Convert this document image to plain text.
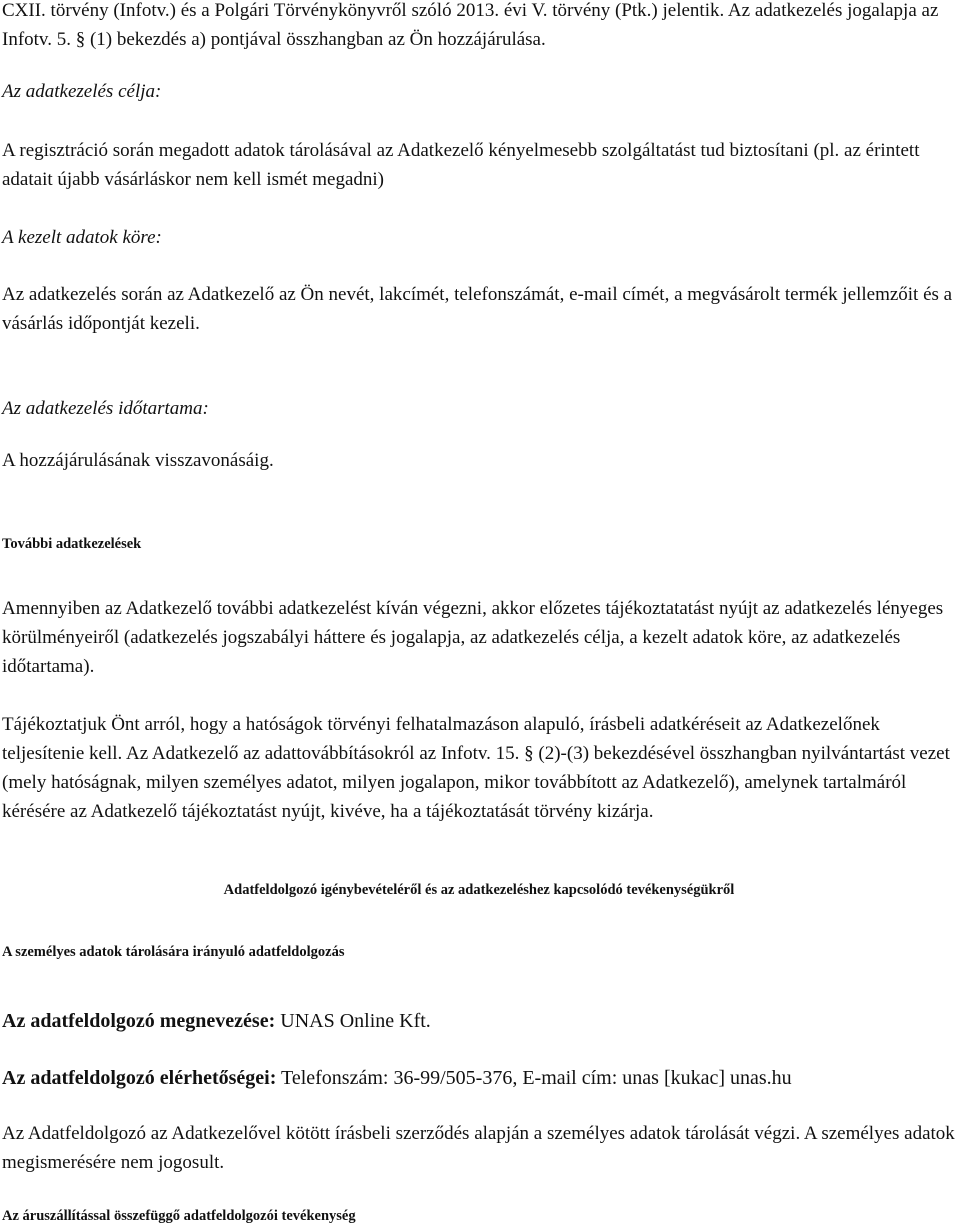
CXII. törvény (Infotv.) és a Polgári Törvénykönyvről szóló 2013. évi V. törvény (Ptk.) jelentik. Az adatkezelés jogalapja az Infotv. 5. § (1) bekezdés a) pontjával összhangban az Ön hozzájárulása.

Az adatkezelés célja:

A regisztráció során megadott adatok tárolásával az Adatkezelő kényelmesebb szolgáltatást tud biztosítani (pl. az érintett adatait újabb vásárláskor nem kell ismét megadni)

A kezelt adatok köre:

Az adatkezelés során az Adatkezelő az Ön nevét, lakcímét, telefonszámát, e-mail címét, a megvásárolt termék jellemzőit és a vásárlás időpontját kezeli.

Az adatkezelés időtartama:

A hozzájárulásának visszavonásáig.

További adatkezelések

Amennyiben az Adatkezelő további adatkezelést kíván végezni, akkor előzetes tájékoztatatást nyújt az adatkezelés lényeges körülményeiről (adatkezelés jogszabályi háttere és jogalapja, az adatkezelés célja, a kezelt adatok köre, az adatkezelés időtartama).

Tájékoztatjuk Önt arról, hogy a hatóságok törvényi felhatalmazáson alapuló, írásbeli adatkéréseit az Adatkezelőnek teljesítenie kell. Az Adatkezelő az adattovábbításokról az Infotv. 15. § (2)-(3) bekezdésével összhangban nyilvántartást vezet (mely hatóságnak, milyen személyes adatot, milyen jogalapon, mikor továbbított az Adatkezelő), amelynek tartalmáról kérésére az Adatkezelő tájékoztatást nyújt, kivéve, ha a tájékoztatását törvény kizárja.

Adatfeldolgozó igénybevételéről és az adatkezeléshez kapcsolódó tevékenységükről

A személyes adatok tárolására irányuló adatfeldolgozás

Az adatfeldolgozó megnevezése: UNAS Online Kft.

Az adatfeldolgozó elérhetőségei: Telefonszám: 36-99/505-376, E-mail cím: unas [kukac] unas.hu

Az Adatfeldolgozó az Adatkezelővel kötött írásbeli szerződés alapján a személyes adatok tárolását végzi. A személyes adatok megismerésére nem jogosult.

Az áruszállítással összefüggő adatfeldolgozói tevékenység
